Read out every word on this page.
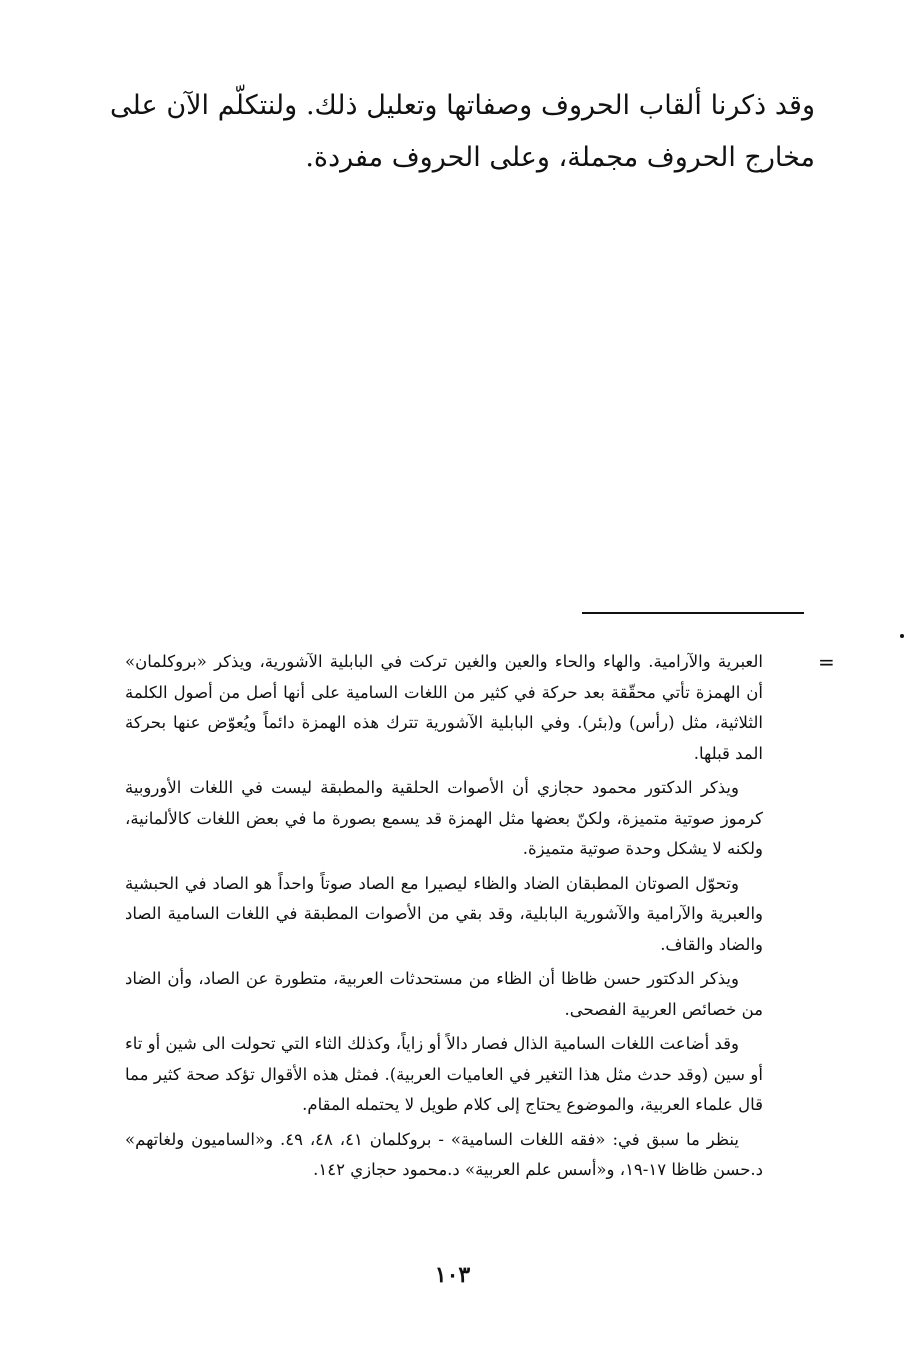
وقد ذكرنا ألقاب الحروف وصفاتها وتعليل ذلك. ولنتكلّم الآن على مخارج الحروف مجملة، وعلى الحروف مفردة.

=

العبرية والآرامية. والهاء والحاء والعين والغين تركت في البابلية الآشورية، ويذكر «بروكلمان» أن الهمزة تأتي محقّقة بعد حركة في كثير من اللغات السامية على أنها أصل من أصول الكلمة الثلاثية، مثل (رأس) و(بئر). وفي البابلية الآشورية تترك هذه الهمزة دائماً ويُعوّض عنها بحركة المد قبلها.

ويذكر الدكتور محمود حجازي أن الأصوات الحلقية والمطبقة ليست في اللغات الأوروبية كرموز صوتية متميزة، ولكنّ بعضها مثل الهمزة قد يسمع بصورة ما في بعض اللغات كالألمانية، ولكنه لا يشكل وحدة صوتية متميزة.

وتحوّل الصوتان المطبقان الضاد والظاء ليصيرا مع الصاد صوتاً واحداً هو الصاد في الحبشية والعبرية والآرامية والآشورية البابلية، وقد بقي من الأصوات المطبقة في اللغات السامية الصاد والضاد والقاف.

ويذكر الدكتور حسن ظاظا أن الظاء من مستحدثات العربية، متطورة عن الصاد، وأن الضاد من خصائص العربية الفصحى.

وقد أضاعت اللغات السامية الذال فصار دالاً أو زاياً، وكذلك الثاء التي تحولت الى شين أو تاء أو سين (وقد حدث مثل هذا التغير في العاميات العربية). فمثل هذه الأقوال تؤكد صحة كثير مما قال علماء العربية، والموضوع يحتاج إلى كلام طويل لا يحتمله المقام.

ينظر ما سبق في: «فقه اللغات السامية» - بروكلمان ٤١، ٤٨، ٤٩. و«الساميون ولغاتهم» د.حسن ظاظا ١٧-١٩، و«أسس علم العربية» د.محمود حجازي ١٤٢.

١٠٣
